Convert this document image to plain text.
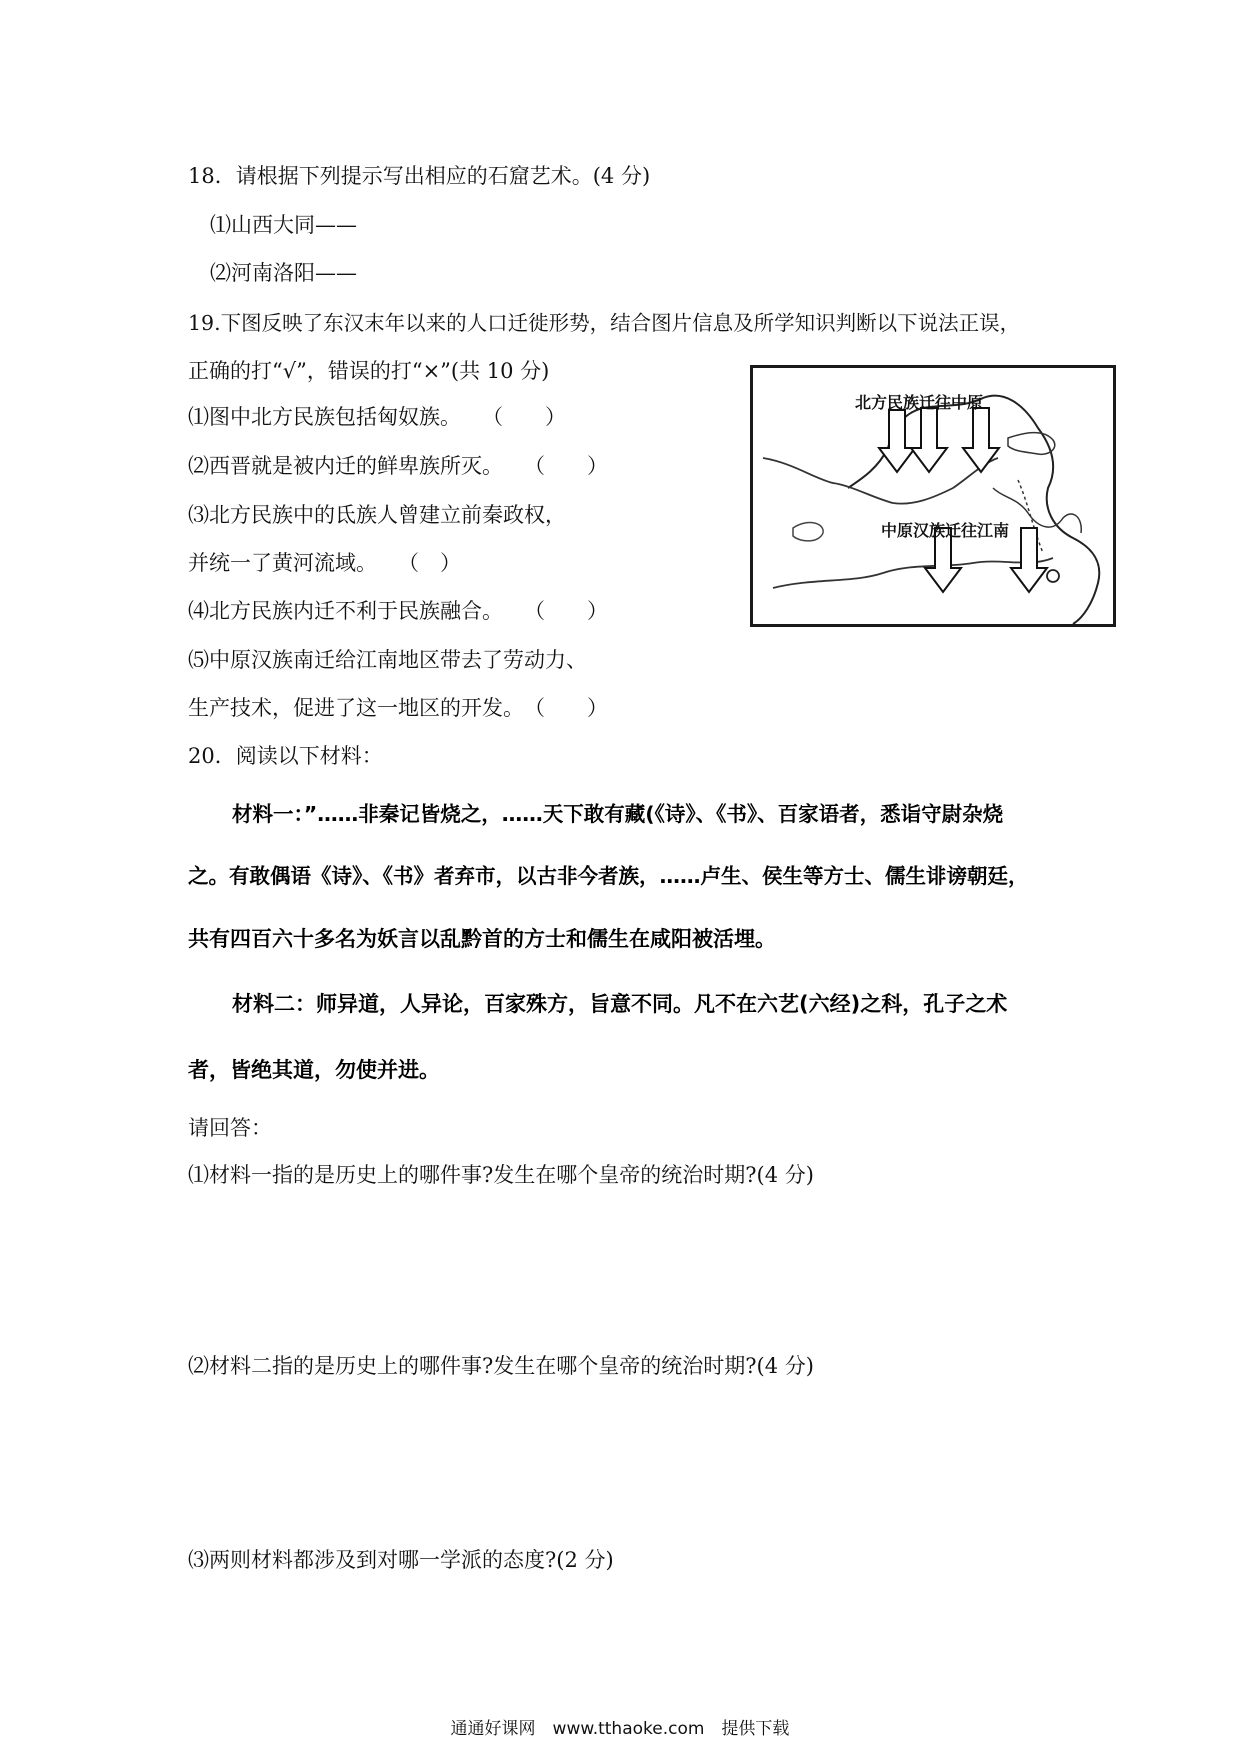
18．请根据下列提示写出相应的石窟艺术。(4 分)
⑴山西大同——
⑵河南洛阳——
19.下图反映了东汉末年以来的人口迁徙形势，结合图片信息及所学知识判断以下说法正误，
正确的打“√”，错误的打“×”(共 10 分)
⑴图中北方民族包括匈奴族。　　（　　）
⑵西晋就是被内迁的鲜卑族所灭。　　（　　）
⑶北方民族中的氐族人曾建立前秦政权，
并统一了黄河流域。　　（　）
⑷北方民族内迁不利于民族融合。　　（　　）
⑸中原汉族南迁给江南地区带去了劳动力、
生产技术，促进了这一地区的开发。　（　　）
北方民族迁往中原
中原汉族迁往江南
20．阅读以下材料：
材料一：”……非秦记皆烧之，……天下敢有藏(《诗》、《书》、百家语者，悉诣守尉杂烧
之。有敢偶语《诗》、《书》者弃市，以古非今者族，……卢生、侯生等方士、儒生诽谤朝廷，
共有四百六十多名为妖言以乱黔首的方士和儒生在咸阳被活埋。
材料二：师异道，人异论，百家殊方，旨意不同。凡不在六艺(六经)之科，孔子之术
者，皆绝其道，勿使并进。
请回答：
⑴材料一指的是历史上的哪件事?发生在哪个皇帝的统治时期?(4 分)
⑵材料二指的是历史上的哪件事?发生在哪个皇帝的统治时期?(4 分)
⑶两则材料都涉及到对哪一学派的态度?(2 分)
通通好课网　www.tthaoke.com　提供下载
